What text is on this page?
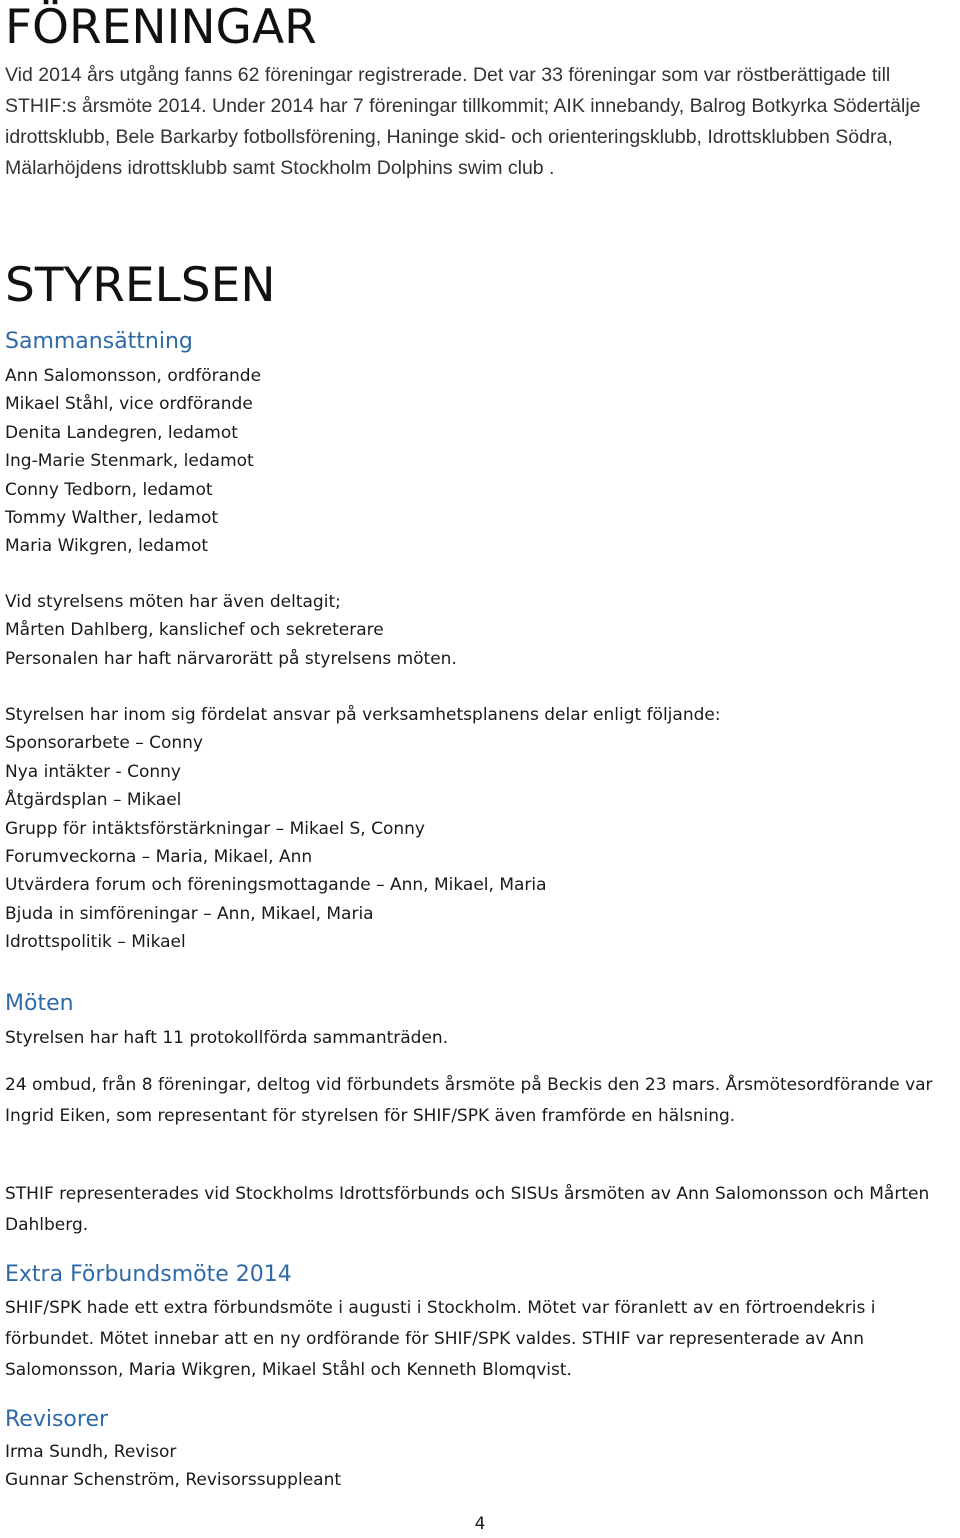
FÖRENINGAR

Vid 2014 års utgång fanns 62 föreningar registrerade. Det var 33 föreningar som var röstberättigade till STHIF:s årsmöte 2014. Under 2014 har 7 föreningar tillkommit; AIK innebandy, Balrog Botkyrka Södertälje idrottsklubb, Bele Barkarby fotbollsförening, Haninge skid- och orienteringsklubb, Idrottsklubben Södra, Mälarhöjdens idrottsklubb samt Stockholm Dolphins swim club .

STYRELSEN
Sammansättning
Ann Salomonsson, ordförande
Mikael Ståhl, vice ordförande
Denita Landegren, ledamot
Ing-Marie Stenmark, ledamot
Conny Tedborn, ledamot
Tommy Walther, ledamot
Maria Wikgren, ledamot
Vid styrelsens möten har även deltagit;
Mårten Dahlberg, kanslichef och sekreterare
Personalen har haft närvarorätt på styrelsens möten.
Styrelsen har inom sig fördelat ansvar på verksamhetsplanens delar enligt följande:
Sponsorarbete – Conny
Nya intäkter - Conny
Åtgärdsplan – Mikael
Grupp för intäktsförstärkningar – Mikael S, Conny
Forumveckorna – Maria, Mikael, Ann
Utvärdera forum och föreningsmottagande – Ann, Mikael, Maria
Bjuda in simföreningar – Ann, Mikael, Maria
Idrottspolitik – Mikael
Möten

Styrelsen har haft 11 protokollförda sammanträden.

24 ombud, från 8 föreningar, deltog vid förbundets årsmöte på Beckis den 23 mars. Årsmötesordförande var Ingrid Eiken, som representant för styrelsen för SHIF/SPK även framförde en hälsning.

STHIF representerades vid Stockholms Idrottsförbunds och SISUs årsmöten av Ann Salomonsson och Mårten Dahlberg.

Extra Förbundsmöte 2014

SHIF/SPK hade ett extra förbundsmöte i augusti i Stockholm. Mötet var föranlett av en förtroendekris i förbundet. Mötet innebar att en ny ordförande för SHIF/SPK valdes. STHIF var representerade av Ann Salomonsson, Maria Wikgren, Mikael Ståhl och Kenneth Blomqvist.

Revisorer
Irma Sundh, Revisor
Gunnar Schenström, Revisorssuppleant
4
